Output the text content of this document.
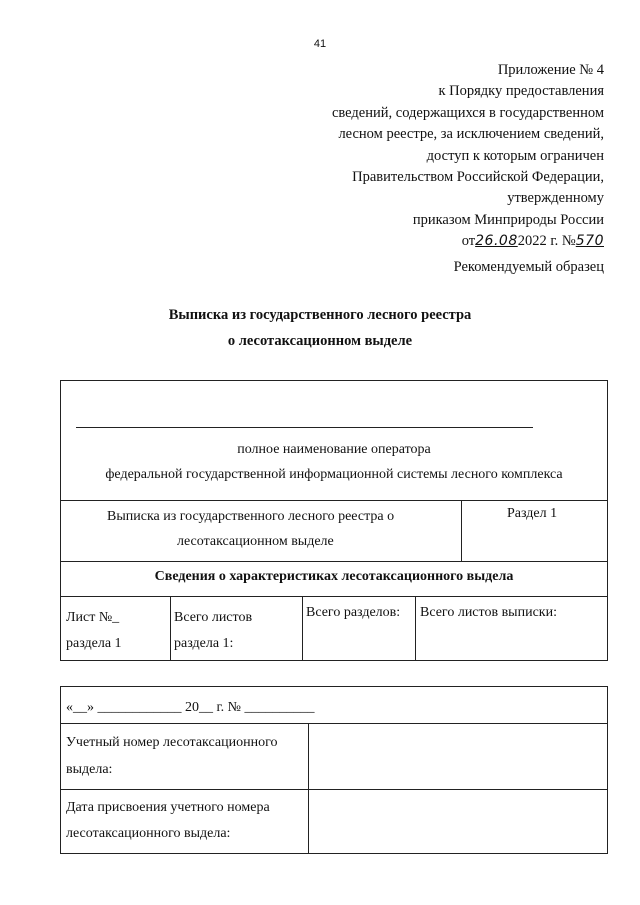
41
Приложение № 4
к Порядку предоставления
сведений, содержащихся в государственном
лесном реестре, за исключением сведений,
доступ к которым ограничен
Правительством Российской Федерации,
утвержденному
приказом Минприроды России
от26.082022 г. №570
Рекомендуемый образец
Выписка из государственного лесного реестра
о лесотаксационном выделе
полное наименование оператора
федеральной государственной информационной системы лесного комплекса
Выписка из государственного лесного реестра о
лесотаксационном выделе
Раздел 1
Сведения о характеристиках лесотаксационного выдела
Лист №_
раздела 1
Всего листов
раздела 1:
Всего разделов: Всего листов выписки:
«__» ____________ 20__ г. № __________
Учетный номер лесотаксационного
выдела:
Дата присвоения учетного номера
лесотаксационного выдела:
